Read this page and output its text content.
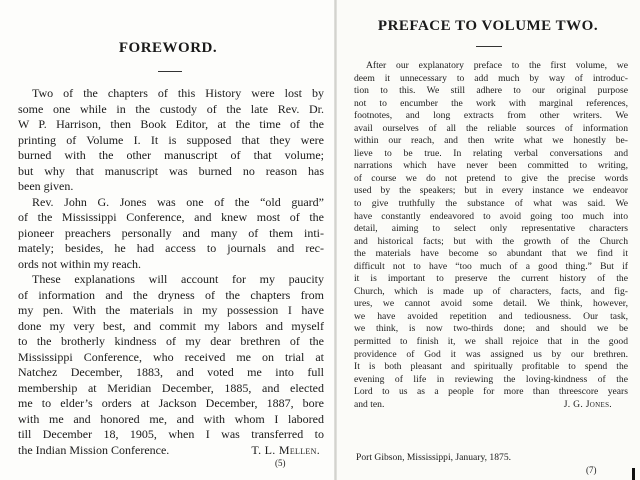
FOREWORD.
Two of the chapters of this History were lost by
some one while in the custody of the late Rev. Dr.
W P. Harrison, then Book Editor, at the time of the
printing of Volume I. It is supposed that they were
burned with the other manuscript of that volume;
but why that manuscript was burned no reason has
been given.
Rev. John G. Jones was one of the “old guard”
of the Mississippi Conference, and knew most of the
pioneer preachers personally and many of them inti-
mately; besides, he had access to journals and rec-
ords not within my reach.
These explanations will account for my paucity
of information and the dryness of the chapters from
my pen. With the materials in my possession I have
done my very best, and commit my labors and myself
to the brotherly kindness of my dear brethren of the
Mississippi Conference, who received me on trial at
Natchez December, 1883, and voted me into full
membership at Meridian December, 1885, and elected
me to elder’s orders at Jackson December, 1887, bore
with me and honored me, and with whom I labored
till December 18, 1905, when I was transferred to
the Indian Mission Conference.	T. L. Mellen.
(5)
PREFACE TO VOLUME TWO.
After our explanatory preface to the first volume, we
deem it unnecessary to add much by way of introduc-
tion to this. We still adhere to our original purpose
not to encumber the work with marginal references,
footnotes, and long extracts from other writers. We
avail ourselves of all the reliable sources of information
within our reach, and then write what we honestly be-
lieve to be true. In relating verbal conversations and
narrations which have never been committed to writing,
of course we do not pretend to give the precise words
used by the speakers; but in every instance we endeavor
to give truthfully the substance of what was said. We
have constantly endeavored to avoid going too much into
detail, aiming to select only representative characters
and historical facts; but with the growth of the Church
the materials have become so abundant that we find it
difficult not to have “too much of a good thing.” But if
it is important to preserve the current history of the
Church, which is made up of characters, facts, and fig-
ures, we cannot avoid some detail. We think, however,
we have avoided repetition and tediousness. Our task,
we think, is now two-thirds done; and should we be
permitted to finish it, we shall rejoice that in the good
providence of God it was assigned us by our brethren.
It is both pleasant and spiritually profitable to spend the
evening of life in reviewing the loving-kindness of the
Lord to us as a people for more than threescore years
and ten.	J. G. Jones.
Port Gibson, Mississippi, January, 1875.
(7)
